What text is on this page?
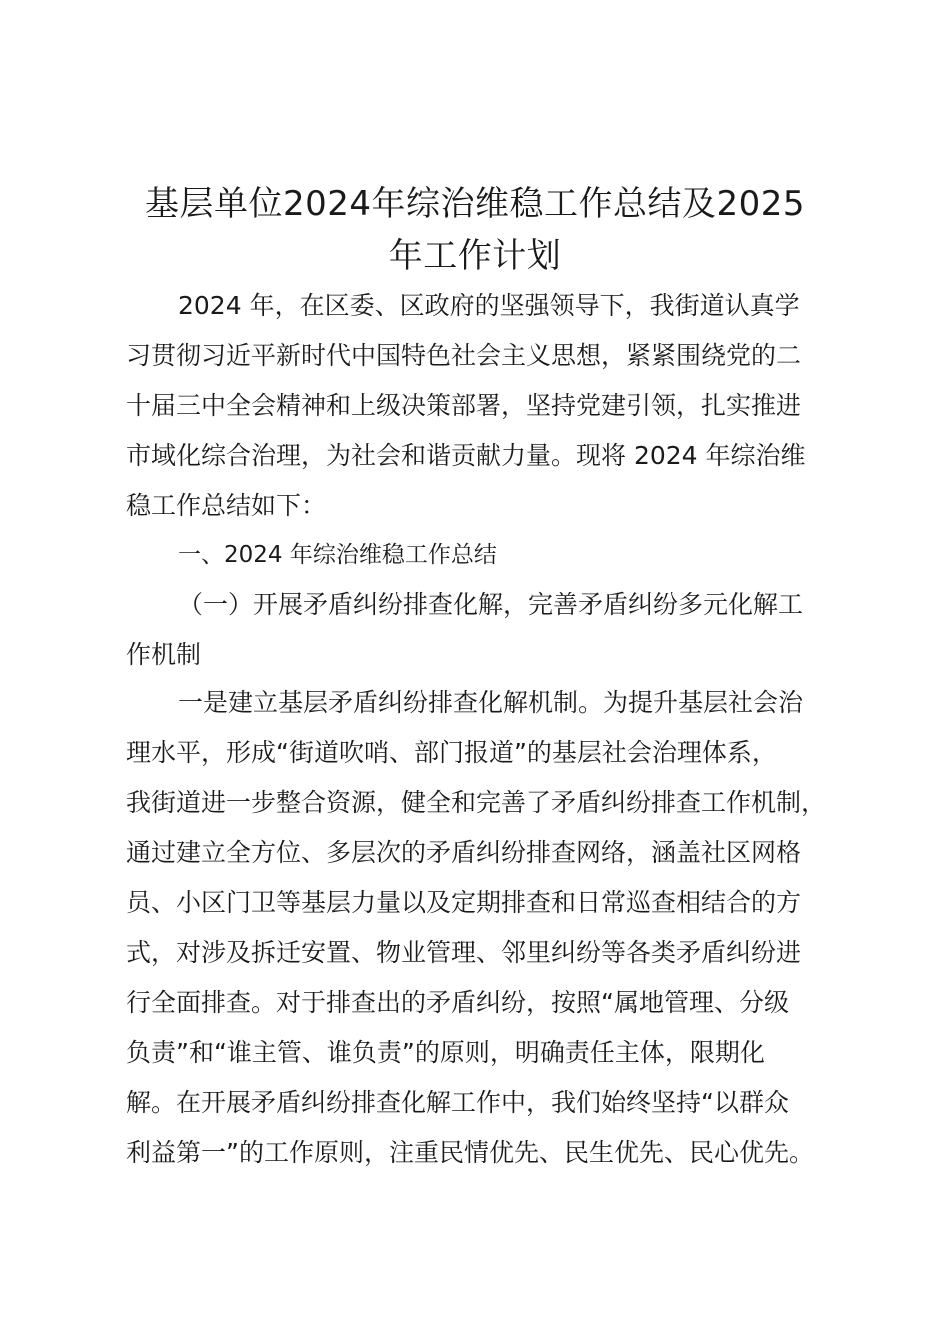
基层单位2024年综治维稳工作总结及2025
年工作计划
2024 年，在区委、区政府的坚强领导下，我街道认真学
习贯彻习近平新时代中国特色社会主义思想，紧紧围绕党的二
十届三中全会精神和上级决策部署，坚持党建引领，扎实推进
市域化综合治理，为社会和谐贡献力量。现将 2024 年综治维
稳工作总结如下：
一、2024 年综治维稳工作总结
（一）开展矛盾纠纷排查化解，完善矛盾纠纷多元化解工
作机制
一是建立基层矛盾纠纷排查化解机制。为提升基层社会治
理水平，形成“街道吹哨、部门报道”的基层社会治理体系，
我街道进一步整合资源，健全和完善了矛盾纠纷排查工作机制，
通过建立全方位、多层次的矛盾纠纷排查网络，涵盖社区网格
员、小区门卫等基层力量以及定期排查和日常巡查相结合的方
式，对涉及拆迁安置、物业管理、邻里纠纷等各类矛盾纠纷进
行全面排查。对于排查出的矛盾纠纷，按照“属地管理、分级
负责”和“谁主管、谁负责”的原则，明确责任主体，限期化
解。在开展矛盾纠纷排查化解工作中，我们始终坚持“以群众
利益第一”的工作原则，注重民情优先、民生优先、民心优先。
